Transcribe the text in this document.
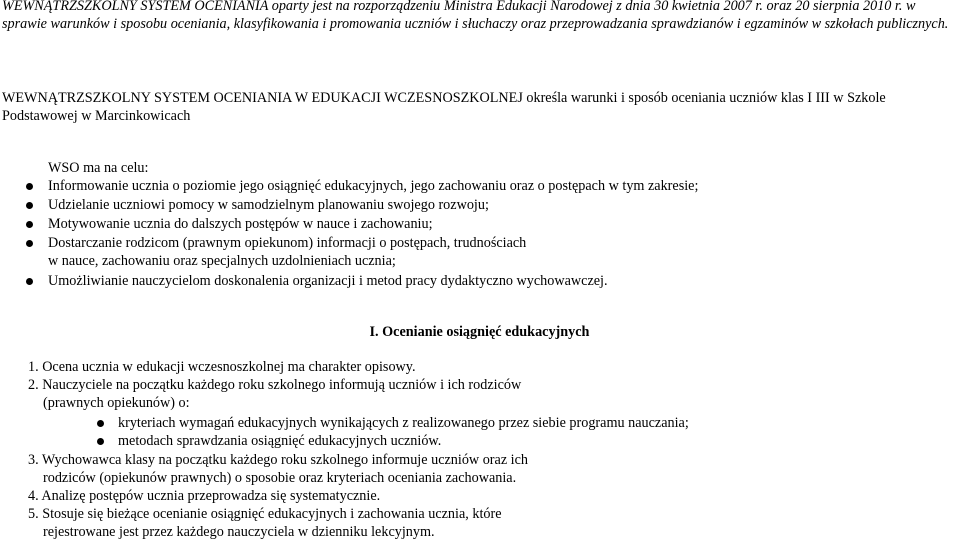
WEWNĄTRZSZKOLNY SYSTEM OCENIANIA oparty jest na rozporządzeniu Ministra Edukacji Narodowej z dnia 30 kwietnia 2007 r. oraz 20 sierpnia 2010 r. w sprawie warunków i sposobu oceniania, klasyfikowania i promowania uczniów i słuchaczy oraz przeprowadzania sprawdzianów i egzaminów w szkołach publicznych.
WEWNĄTRZSZKOLNY SYSTEM OCENIANIA W EDUKACJI WCZESNOSZKOLNEJ określa warunki i sposób oceniania uczniów klas I III w Szkole Podstawowej w Marcinkowicach
WSO ma na celu:
Informowanie ucznia o poziomie jego osiągnięć edukacyjnych, jego zachowaniu oraz o postępach w tym zakresie;
Udzielanie uczniowi pomocy w samodzielnym planowaniu swojego rozwoju;
Motywowanie ucznia do dalszych postępów w nauce i zachowaniu;
Dostarczanie rodzicom (prawnym opiekunom) informacji o postępach, trudnościach
w nauce, zachowaniu oraz specjalnych uzdolnieniach ucznia;
Umożliwianie nauczycielom doskonalenia organizacji i metod pracy dydaktyczno wychowawczej.
I. Ocenianie osiągnięć edukacyjnych
1. Ocena ucznia w edukacji wczesnoszkolnej ma charakter opisowy.
2. Nauczyciele na początku każdego roku szkolnego informują uczniów i ich rodziców
(prawnych opiekunów) o:
kryteriach wymagań edukacyjnych wynikających z realizowanego przez siebie programu nauczania;
metodach sprawdzania osiągnięć edukacyjnych uczniów.
3. Wychowawca klasy na początku każdego roku szkolnego informuje uczniów oraz ich
rodziców (opiekunów prawnych) o sposobie oraz kryteriach oceniania zachowania.
4. Analizę postępów ucznia przeprowadza się systematycznie.
5. Stosuje się bieżące ocenianie osiągnięć edukacyjnych i zachowania ucznia, które
rejestrowane jest przez każdego nauczyciela w dzienniku lekcyjnym.
